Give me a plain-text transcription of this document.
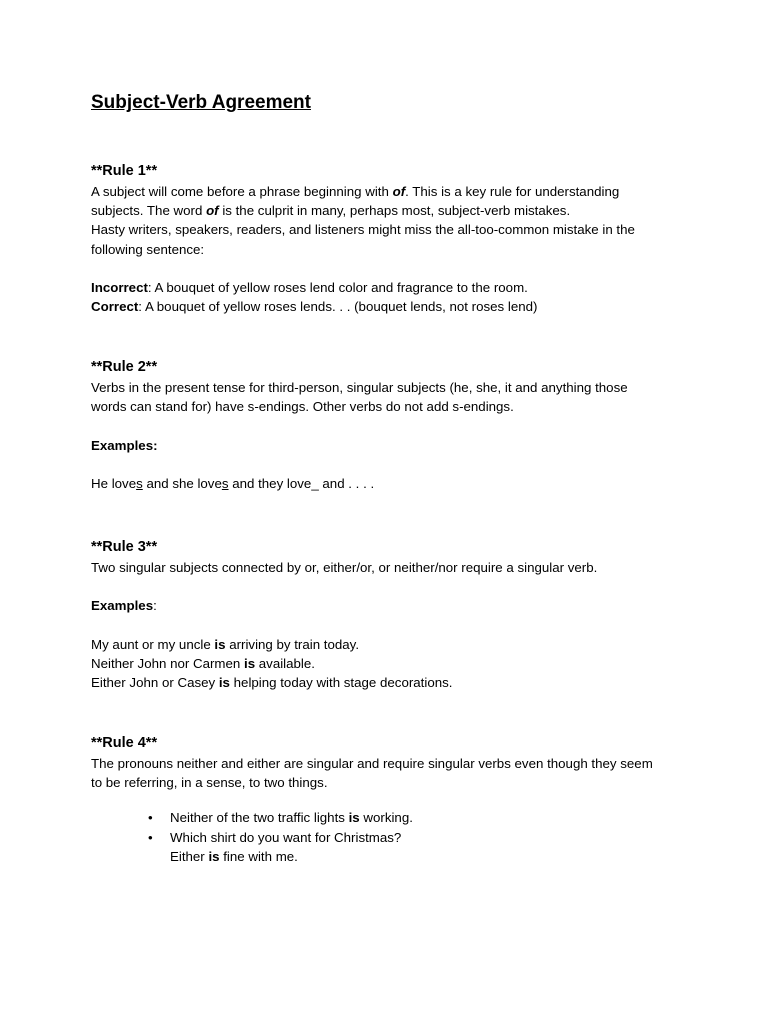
Subject-Verb Agreement
**Rule 1**
A subject will come before a phrase beginning with of. This is a key rule for understanding
subjects. The word of is the culprit in many, perhaps most, subject-verb mistakes.
Hasty writers, speakers, readers, and listeners might miss the all-too-common mistake in the
following sentence:
Incorrect: A bouquet of yellow roses lend color and fragrance to the room.
Correct: A bouquet of yellow roses lends. . . (bouquet lends, not roses lend)
**Rule 2**
Verbs in the present tense for third-person, singular subjects (he, she, it and anything those
words can stand for) have s-endings. Other verbs do not add s-endings.
Examples:
He loves and she loves and they love_ and . . . .
**Rule 3**
Two singular subjects connected by or, either/or, or neither/nor require a singular verb.
Examples:
My aunt or my uncle is arriving by train today.
Neither John nor Carmen is available.
Either John or Casey is helping today with stage decorations.
**Rule 4**
The pronouns neither and either are singular and require singular verbs even though they seem
to be referring, in a sense, to two things.
• Neither of the two traffic lights is working.
• Which shirt do you want for Christmas?
Either is fine with me.
